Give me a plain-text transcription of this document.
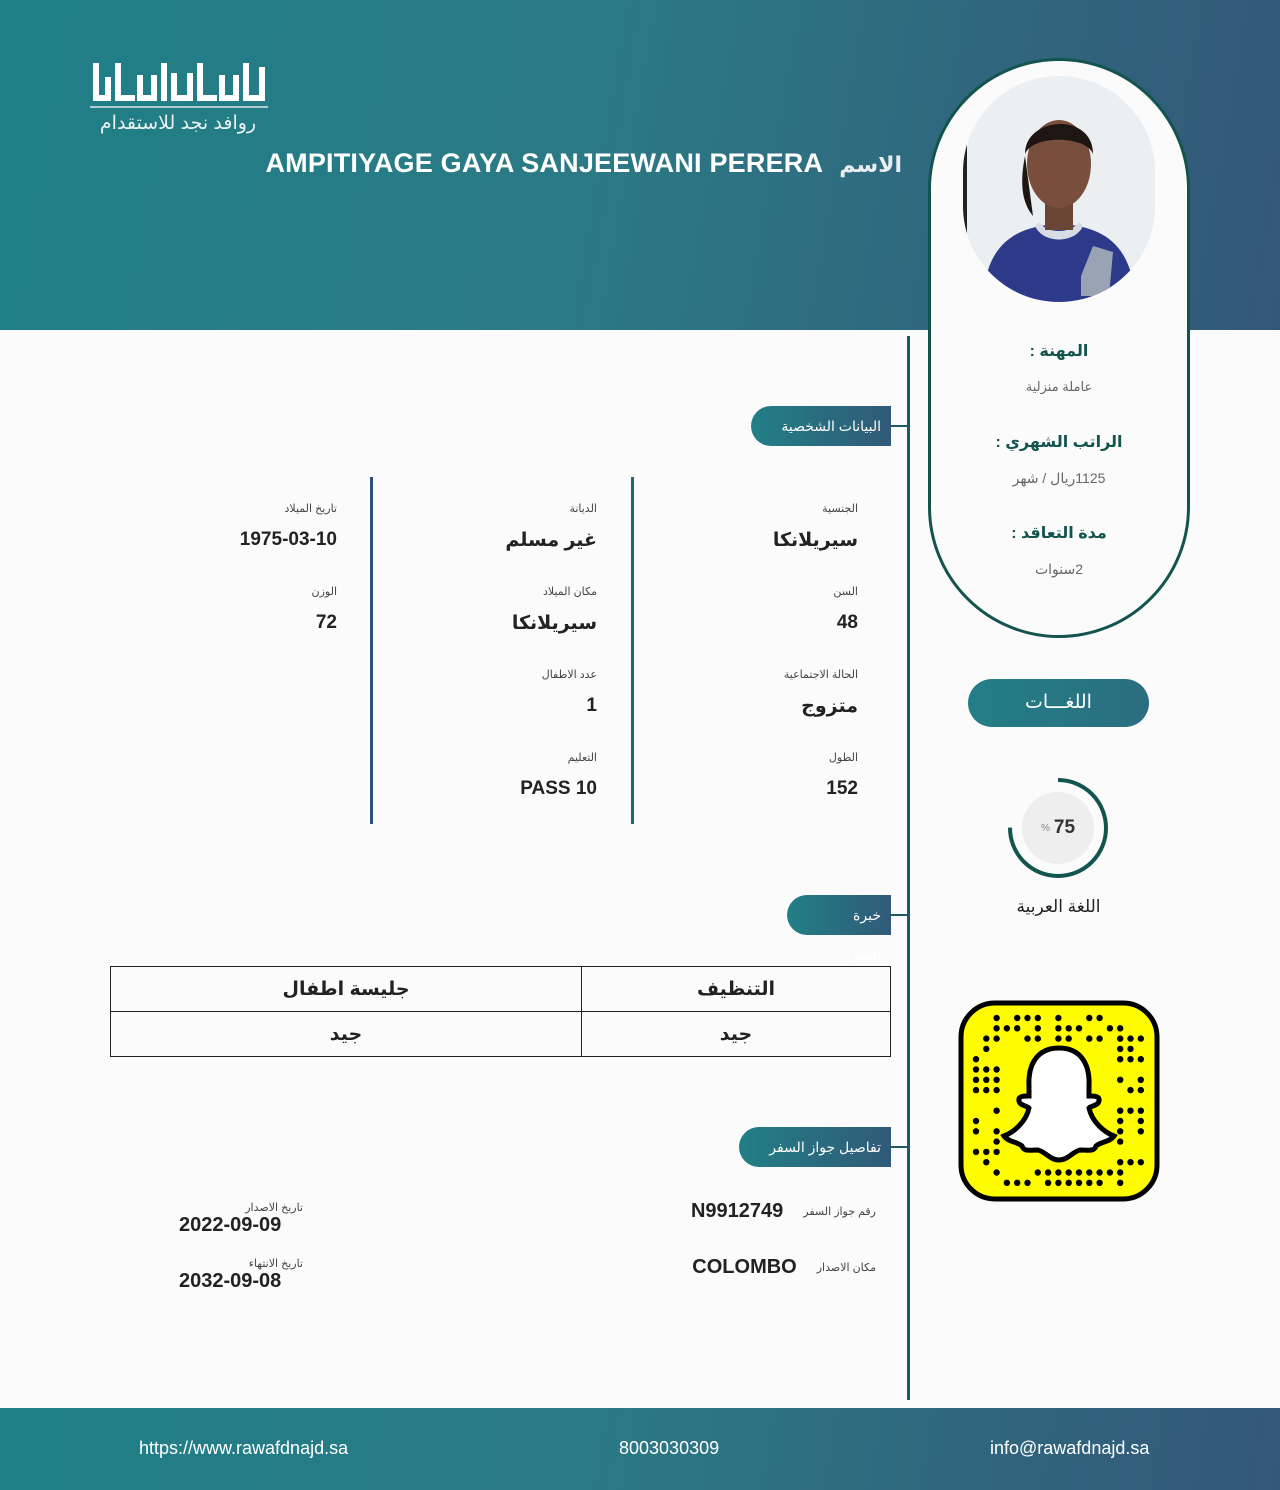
روافد نجد للاستقدام
الاسم
AMPITIYAGE GAYA SANJEEWANI PERERA
المهنة :
عاملة منزلية
الراتب الشهري :
1125ريال / شهر
مدة التعاقد :
2سنوات
البيانات الشخصية
الجنسية
سيريلانكا
السن
48
الحالة الاجتماعية
متزوج
الطول
152
الديانة
غير مسلم
مكان الميلاد
سيريلانكا
عدد الاطفال
1
التعليم
PASS 10
تاريخ الميلاد
1975-03-10
الوزن
72
خبرة العمل
التنظيف	جليسة اطفال
جيد	جيد
تفاصيل جواز السفر
رقم جواز السفر
N9912749
مكان الاصدار
COLOMBO
تاريخ الاصدار
2022-09-09
تاريخ الانتهاء
2032-09-08
اللغـــات
% 75
اللغة العربية
https://www.rawafdnajd.sa	8003030309	info@rawafdnajd.sa
